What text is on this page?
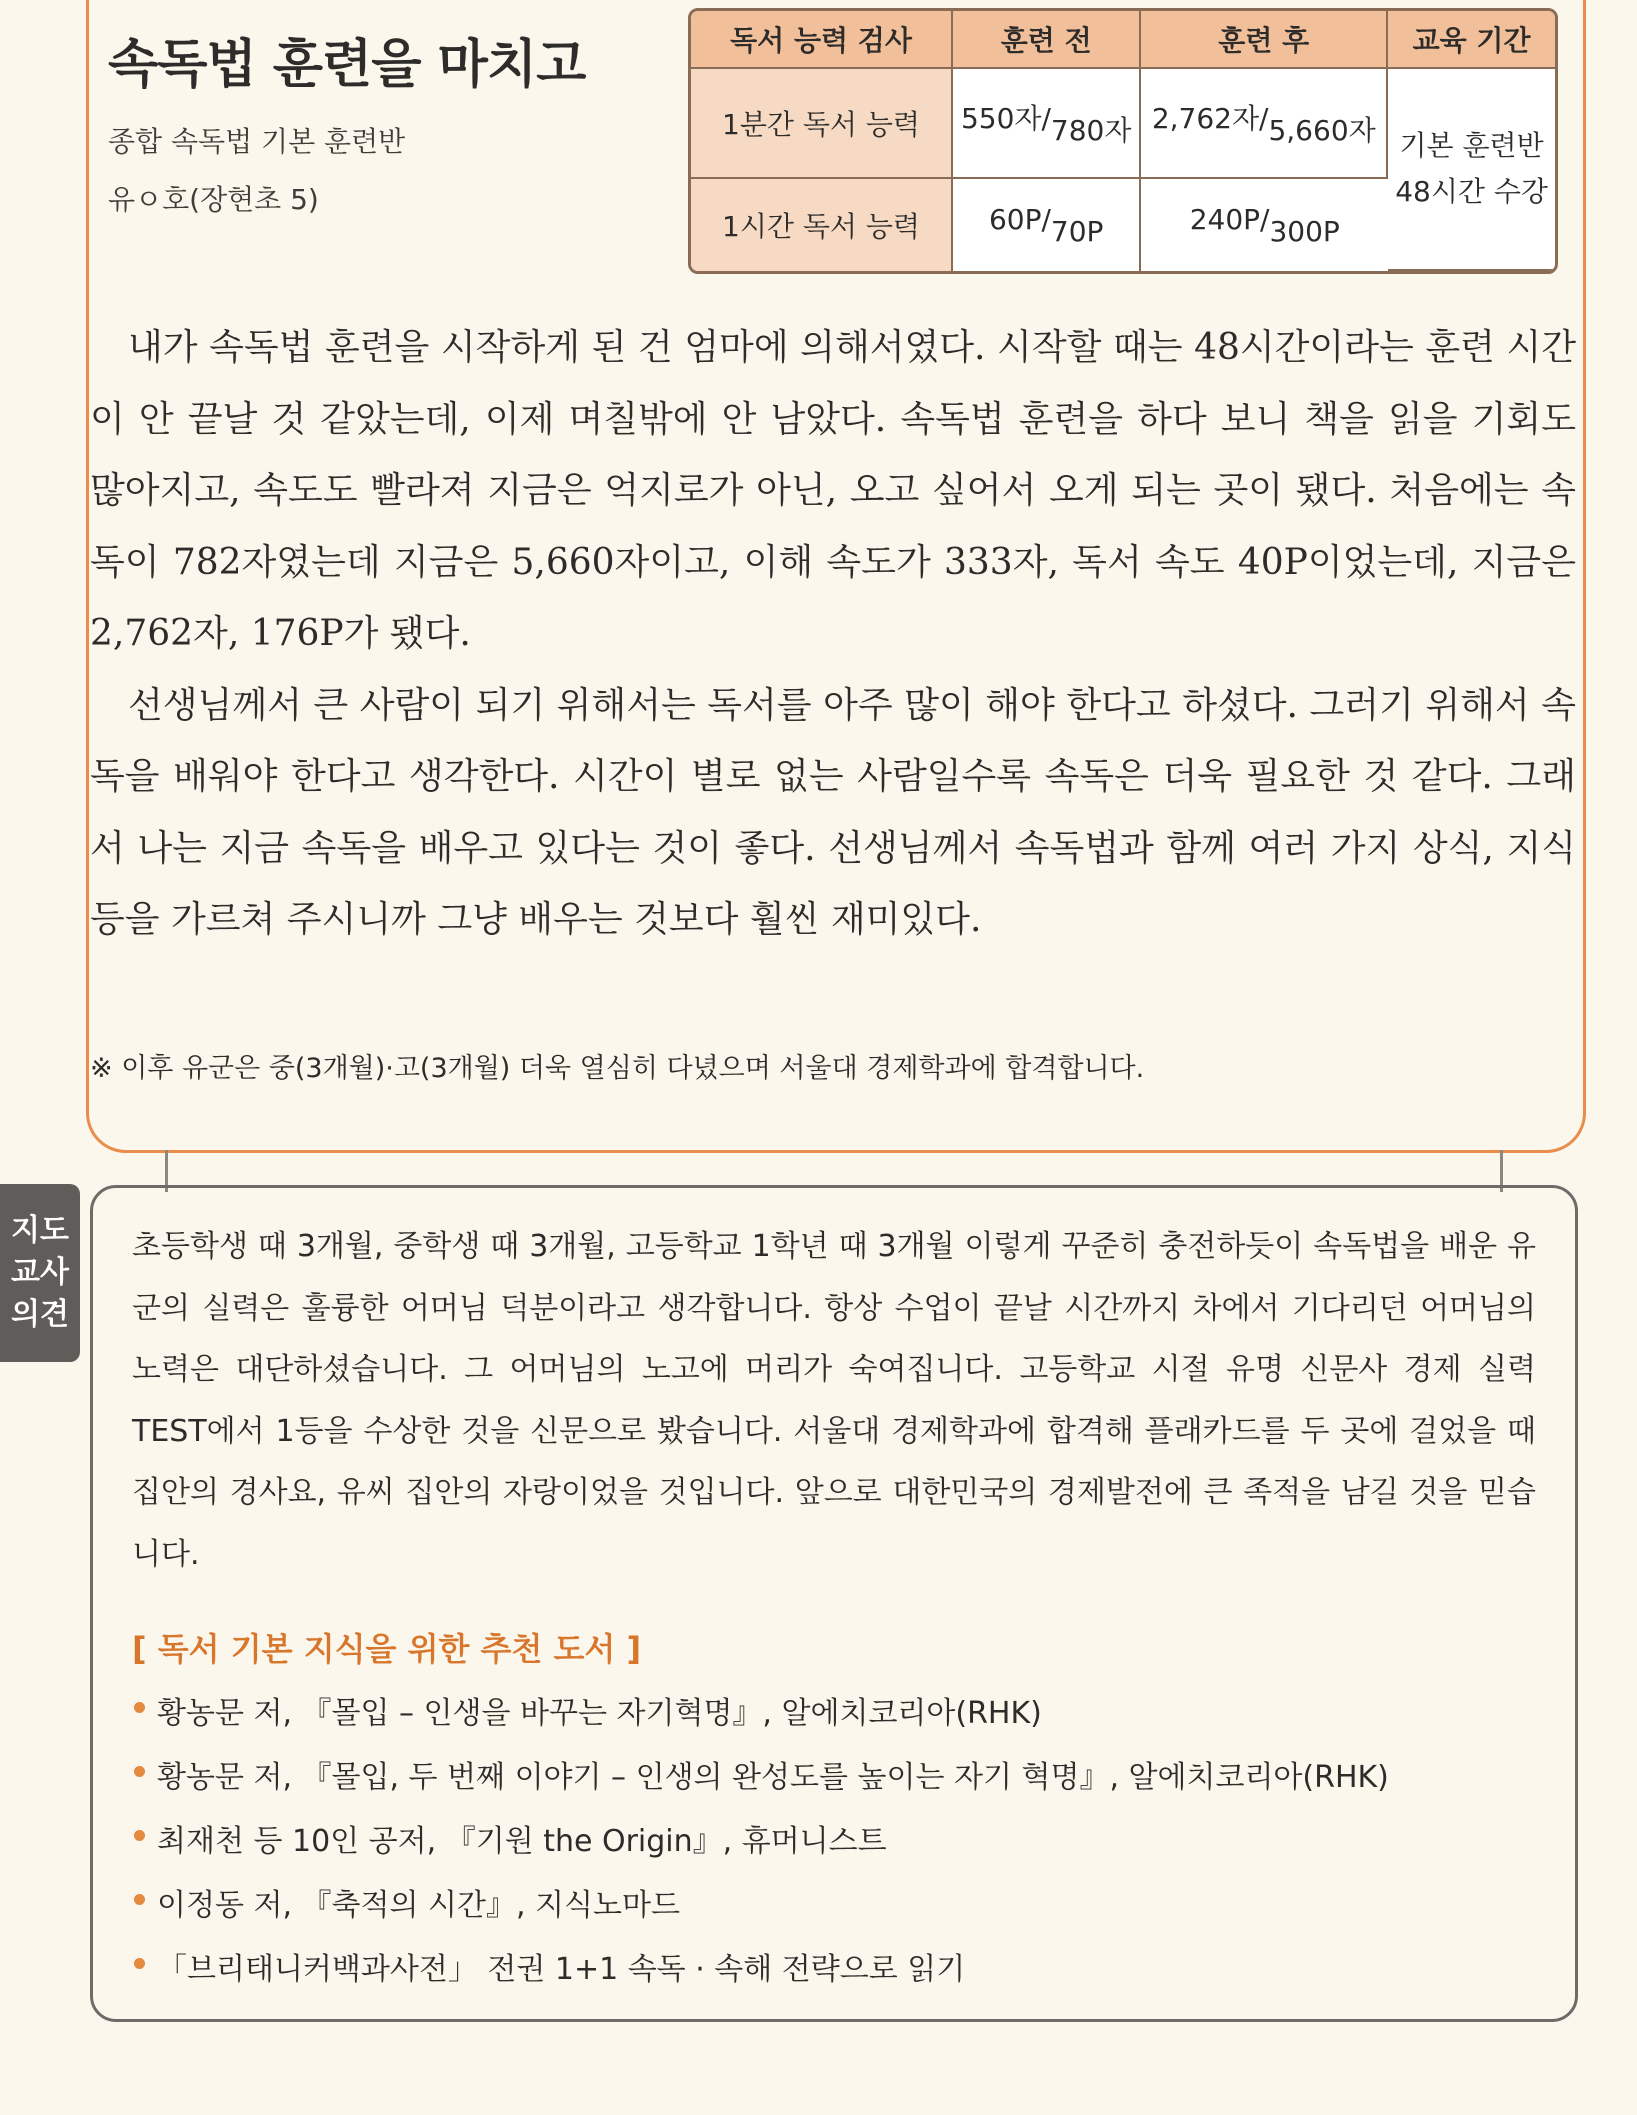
속독법 훈련을 마치고
종합 속독법 기본 훈련반
유ㅇ호(장현초 5)
독서 능력 검사	훈련 전	훈련 후	교육 기간
1분간 독서 능력	550자$/_{780자}$	2,762자$/_{5,660자}$	기본 훈련반
48시간 수강
1시간 독서 능력	$60P/_{70P}$	$240P/_{300P}$

내가 속독법 훈련을 시작하게 된 건 엄마에 의해서였다. 시작할 때는 48시간이라는 훈련 시간이 안 끝날 것 같았는데, 이제 며칠밖에 안 남았다. 속독법 훈련을 하다 보니 책을 읽을 기회도 많아지고, 속도도 빨라져 지금은 억지로가 아닌, 오고 싶어서 오게 되는 곳이 됐다. 처음에는 속독이 782자였는데 지금은 5,660자이고, 이해 속도가 333자, 독서 속도 40P이었는데, 지금은 2,762자, 176P가 됐다.

선생님께서 큰 사람이 되기 위해서는 독서를 아주 많이 해야 한다고 하셨다. 그러기 위해서 속독을 배워야 한다고 생각한다. 시간이 별로 없는 사람일수록 속독은 더욱 필요한 것 같다. 그래서 나는 지금 속독을 배우고 있다는 것이 좋다. 선생님께서 속독법과 함께 여러 가지 상식, 지식 등을 가르쳐 주시니까 그냥 배우는 것보다 훨씬 재미있다.

※ 이후 유군은 중(3개월)·고(3개월) 더욱 열심히 다녔으며 서울대 경제학과에 합격합니다.
지도교사의견
초등학생 때 3개월, 중학생 때 3개월, 고등학교 1학년 때 3개월 이렇게 꾸준히 충전하듯이 속독법을 배운 유 군의 실력은 훌륭한 어머님 덕분이라고 생각합니다. 항상 수업이 끝날 시간까지 차에서 기다리던 어머님의 노력은 대단하셨습니다. 그 어머님의 노고에 머리가 숙여집니다. 고등학교 시절 유명 신문사 경제 실력 TEST에서 1등을 수상한 것을 신문으로 봤습니다. 서울대 경제학과에 합격해 플래카드를 두 곳에 걸었을 때 집안의 경사요, 유씨 집안의 자랑이었을 것입니다. 앞으로 대한민국의 경제발전에 큰 족적을 남길 것을 믿습니다.
[ 독서 기본 지식을 위한 추천 도서 ]
황농문 저, 『몰입 – 인생을 바꾸는 자기혁명』, 알에치코리아(RHK)
황농문 저, 『몰입, 두 번째 이야기 – 인생의 완성도를 높이는 자기 혁명』, 알에치코리아(RHK)
최재천 등 10인 공저, 『기원 the Origin』, 휴머니스트
이정동 저, 『축적의 시간』, 지식노마드
「브리태니커백과사전」 전권 1+1 속독 · 속해 전략으로 읽기
